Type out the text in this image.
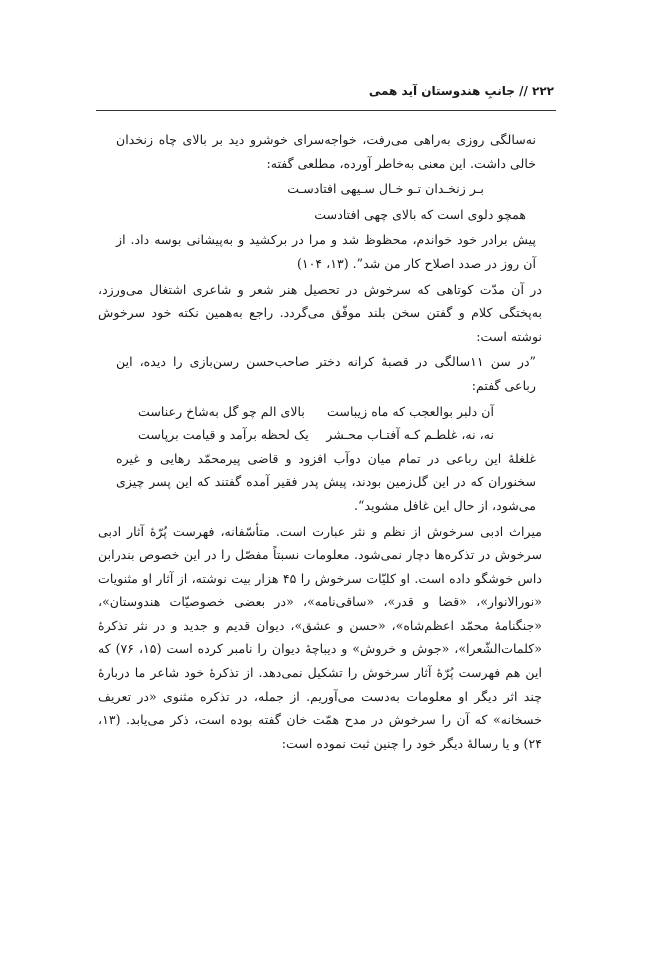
۲۲۲ // جانبِ هندوستان آید همی

نه‌سالگی روزی به‌راهی می‌رفت، خواجه‌سرای خوشرو دید بر بالای چاه زنخدان خالی داشت. این معنی به‌خاطر آورده، مطلعی گفته:

بـر زنخـدان تـو خـال سـیهی افتادسـت

همچو دلوی است که بالای چهی افتادست

پیش برادر خود خواندم، محظوظ شد و مرا در برکشید و به‌پیشانی بوسه داد. از آن روز در صدد اصلاح کار من شد”. (۱۳، ۱۰۴)

در آن مدّت کوتاهی که سرخوش در تحصیل هنر شعر و شاعری اشتغال می‌ورزد، به‌پختگی کلام و گفتن سخن بلند موفّق می‌گردد. راجع به‌همین نکته خود سرخوش نوشته است:

”در سن ۱۱سالگی در قصبۀ کرانه دختر صاحب‌حسن رسن‌بازی را دیده، این رباعی گفتم:

آن دلبر بوالعجب که ماه زیباست
بالای الم چو گل به‌شاخ رعناست
نه، نه، غلطـم کـه آفتـاب محـشر
یک لحظه برآمد و قیامت برپاست

غلغلۀ این رباعی در تمام میان دوآب افزود و قاضی پیرمحمّد رهایی و غیره سخنوران که در این گل‌زمین بودند، پیش پدر فقیر آمده گفتند که این پسر چیزی می‌شود، از حال این غافل مشوید“.

میراث ادبی سرخوش از نظم و نثر عبارت است. متأسّفانه، فهرست پُرّۀ آثار ادبی سرخوش در تذکره‌ها دچار نمی‌شود. معلومات نسبتاً مفصّل را در این خصوص بندرابن داس خوشگو داده است. او کلیّات سرخوش را ۴۵ هزار بیت نوشته، از آثار او مثنویات «نورالانوار»، «قضا و قدر»، «ساقی‌نامه»، «در بعضی خصوصیّات هندوستان»، «جنگنامۀ محمّد اعظم‌شاه»، «حسن و عشق»، دیوان قدیم و جدید و در نثر تذکرۀ «کلمات‌الشّعرا»، «جوش و خروش» و دیباچۀ دیوان را نامبر کرده است (۱۵، ۷۶) که این هم فهرست پُرّۀ آثار سرخوش را تشکیل نمی‌دهد. از تذکرۀ خود شاعر ما دربارۀ چند اثر دیگر او معلومات به‌دست می‌آوریم. از جمله، در تذکره مثنوی «در تعریف خسخانه» که آن را سرخوش در مدح همّت خان گفته بوده است، ذکر می‌یابد. (۱۳، ۲۴) و یا رسالۀ دیگر خود را چنین ثبت نموده است:
